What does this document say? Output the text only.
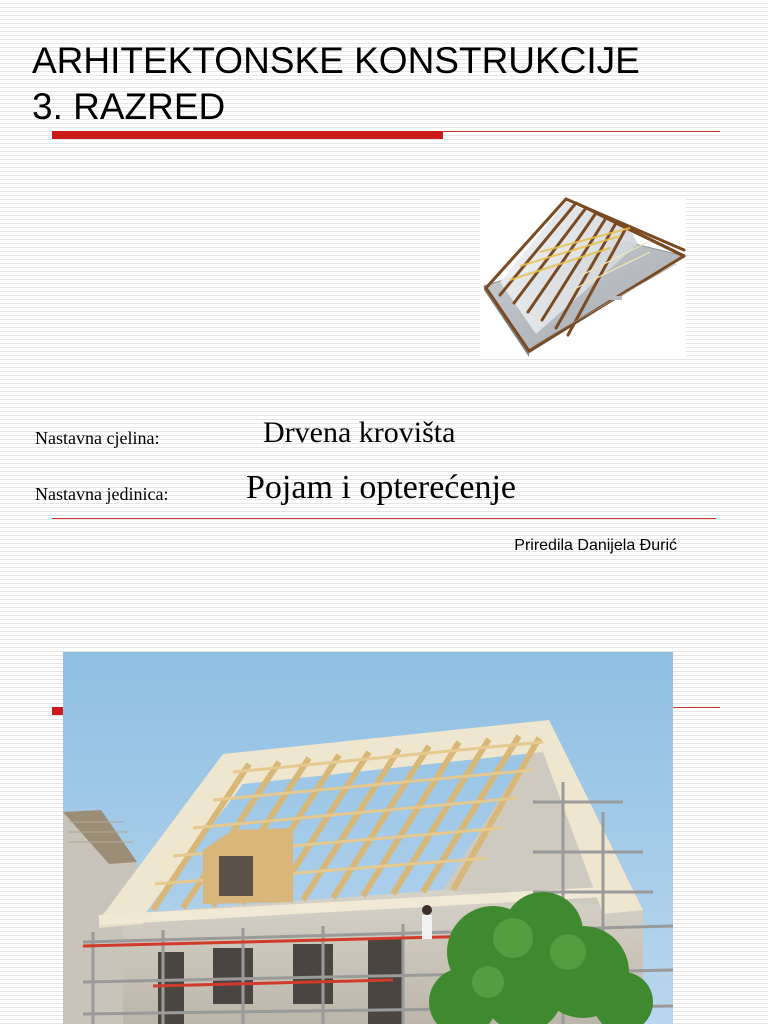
ARHITEKTONSKE KONSTRUKCIJE
3. RAZRED
Nastavna cjelina:	Drvena krovišta
Nastavna jedinica: Pojam i opterećenje
Priredila Danijela Đurić
